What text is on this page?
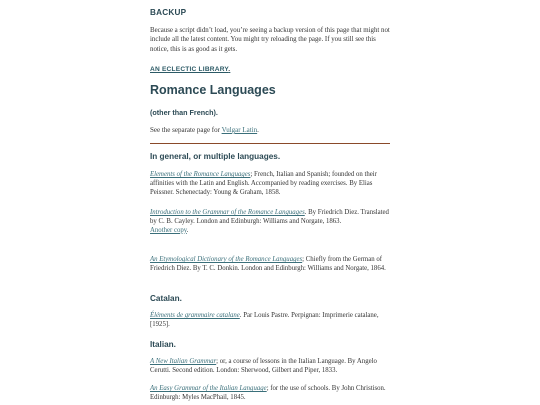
BACKUP
Because a script didn’t load, you’re seeing a backup version of this page that might not include all the latest content. You might try reloading the page. If you still see this notice, this is as good as it gets.
AN ECLECTIC LIBRARY.
Romance Languages
(other than French).
See the separate page for Vulgar Latin.
In general, or multiple languages.
Elements of the Romance Languages; French, Italian and Spanish; founded on their affinities with the Latin and English. Accompanied by reading exercises. By Elias Peissner. Schenectady: Young & Graham, 1858.
Introduction to the Grammar of the Romance Languages. By Friedrich Diez. Translated by C. B. Cayley. London and Edinburgh: Williams and Norgate, 1863.
Another copy.
An Etymological Dictionary of the Romance Languages; Chiefly from the German of Friedrich Diez. By T. C. Donkin. London and Edinburgh: Williams and Norgate, 1864.
Catalan.
Éléments de grammaire catalane. Par Louis Pastre. Perpignan: Imprimerie catalane, [1925].
Italian.
A New Italian Grammar; or, a course of lessons in the Italian Language. By Angelo Cerutti. Second edition. London: Sherwood, Gilbert and Piper, 1833.
An Easy Grammar of the Italian Language; for the use of schools. By John Christison. Edinburgh: Myles MacPhail, 1845.
